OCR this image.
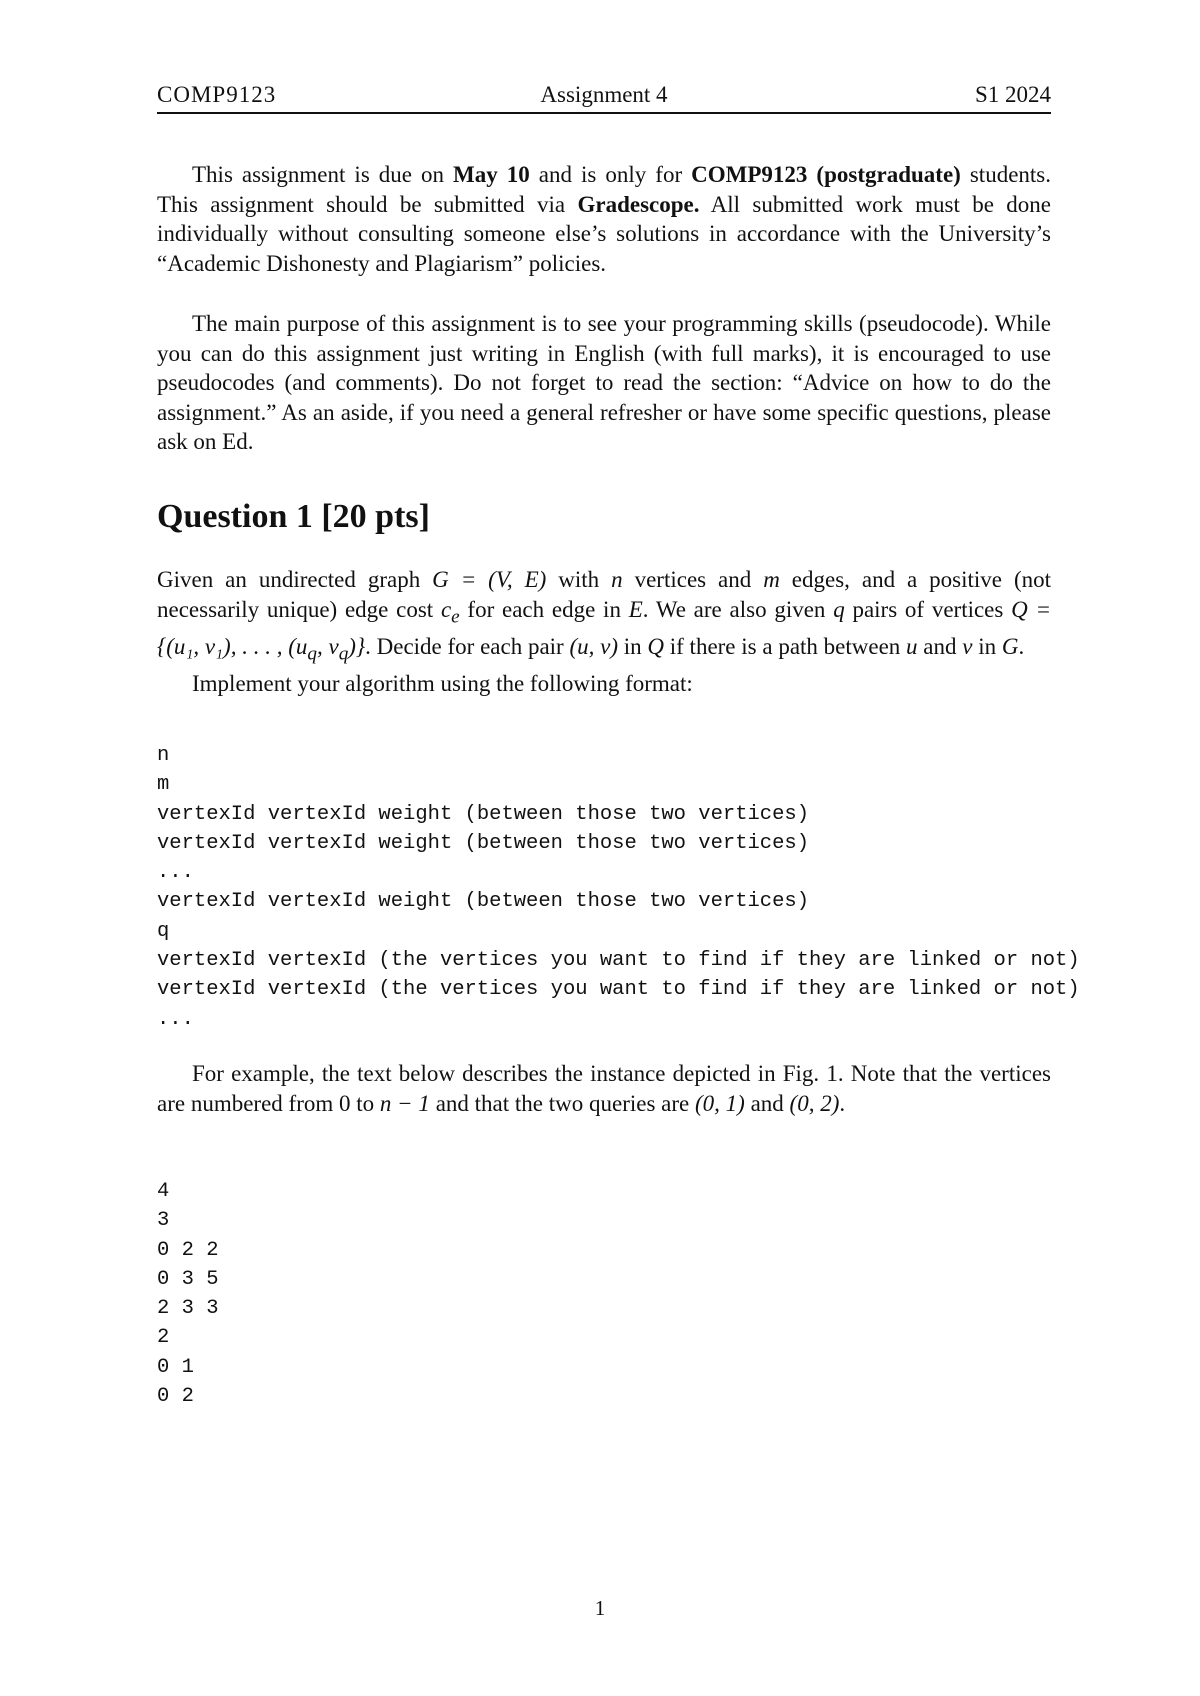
COMP9123	Assignment 4	S1 2024

This assignment is due on May 10 and is only for COMP9123 (postgraduate) students. This assignment should be submitted via Gradescope. All submitted work must be done individually without consulting someone else’s solutions in accordance with the University’s “Academic Dishonesty and Plagiarism” policies.

The main purpose of this assignment is to see your programming skills (pseudocode). While you can do this assignment just writing in English (with full marks), it is encouraged to use pseudocodes (and comments). Do not forget to read the section: “Advice on how to do the assignment.” As an aside, if you need a general refresher or have some specific questions, please ask on Ed.

Question 1 [20 pts]

Given an undirected graph G = (V, E) with n vertices and m edges, and a positive (not necessarily unique) edge cost $c_e$ for each edge in E. We are also given q pairs of vertices Q = {(u₁, v₁), . . . , ($u_q$, $v_q$)}. Decide for each pair (u, v) in Q if there is a path between u and v in G.

Implement your algorithm using the following format:

n
m
vertexId vertexId weight (between those two vertices)
vertexId vertexId weight (between those two vertices)
...
vertexId vertexId weight (between those two vertices)
q
vertexId vertexId (the vertices you want to find if they are linked or not)
vertexId vertexId (the vertices you want to find if they are linked or not)
...

For example, the text below describes the instance depicted in Fig. 1. Note that the vertices are numbered from 0 to n − 1 and that the two queries are (0, 1) and (0, 2).

4
3
0 2 2
0 3 5
2 3 3
2
0 1
0 2
1
